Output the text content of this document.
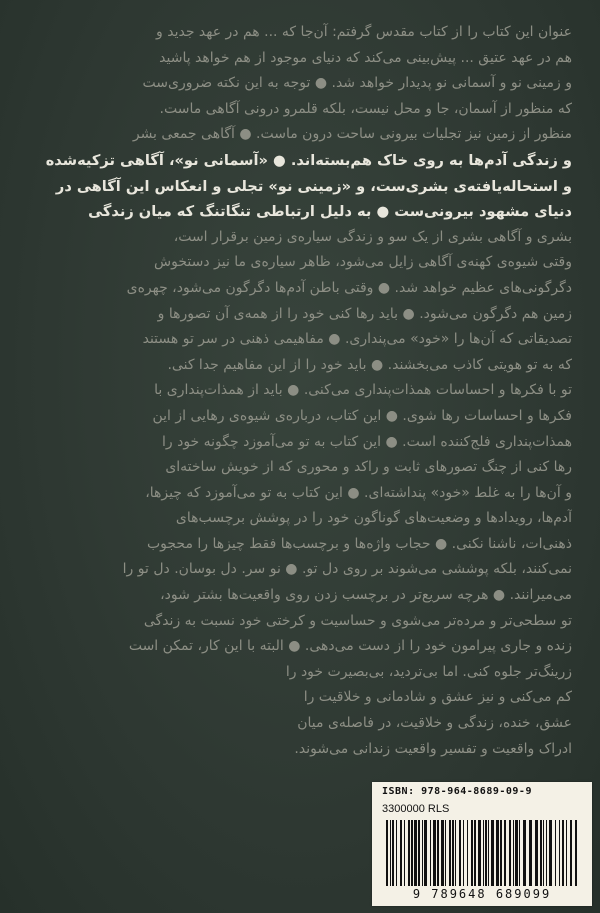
عنوان این کتاب را از کتاب مقدس گرفتم: آن‌جا که ... هم در عهد جدید و
هم در عهد عتیق ... پیش‌بینی می‌کند که دنیای موجود از هم خواهد پاشید
و زمینی نو و آسمانی نو پدیدار خواهد شد. ● توجه به این نکته ضروری‌ست
که منظور از آسمان، جا و محل نیست، بلکه قلمرو درونی آگاهی ماست.
منظور از زمین نیز تجلیات بیرونی ساحت درون ماست. ● آگاهی جمعی بشر
و زندگی آدم‌ها به روی خاک هم‌بسته‌اند. ● «آسمانی نو»، آگاهی تزکیه‌شده
و استحاله‌یافته‌ی بشری‌ست، و «زمینی نو» تجلی و انعکاس این آگاهی در
دنیای مشهود بیرونی‌ست ● به دلیل ارتباطی تنگاتنگ که میان زندگی
بشری و آگاهی بشری از یک سو و زندگی سیاره‌ی زمین برقرار است،
وقتی شیوه‌ی کهنه‌ی آگاهی زایل می‌شود، ظاهر سیاره‌ی ما نیز دستخوش
دگرگونی‌های عظیم خواهد شد. ● وقتی باطن آدم‌ها دگرگون می‌شود، چهره‌ی
زمین هم دگرگون می‌شود. ● باید رها کنی خود را از همه‌ی آن تصورها و
تصدیقاتی که آن‌ها را «خود» می‌پنداری. ● مفاهیمی ذهنی در سر تو هستند
که به تو هویتی کاذب می‌بخشند. ● باید خود را از این مفاهیم جدا کنی.
تو با فکرها و احساسات همذات‌پنداری می‌کنی. ● باید از همذات‌پنداری با
فکرها و احساسات رها شوی. ● این کتاب، درباره‌ی شیوه‌ی رهایی از این
همذات‌پنداری فلج‌کننده است. ● این کتاب به تو می‌آموزد چگونه خود را
رها کنی از چنگ تصورهای ثابت و راکد و محوری که از خویش ساخته‌ای
و آن‌ها را به غلط «خود» پنداشته‌ای. ● این کتاب به تو می‌آموزد که چیزها،
آدم‌ها، رویدادها و وضعیت‌های گوناگون خود را در پوشش برچسب‌های
ذهنی‌ات، ناشنا نکنی. ● حجاب واژه‌ها و برچسب‌ها فقط چیزها را محجوب
نمی‌کنند، بلکه پوششی می‌شوند بر روی دل تو. ● نو سر. دل بوسان. دل تو را
می‌میرانند. ● هرچه سریع‌تر در برچسب زدن روی واقعیت‌ها بشتر شود،
تو سطحی‌تر و مرده‌تر می‌شوی و حساسیت و کرختی خود نسبت به زندگی
زنده و جاری پیرامون خود را از دست می‌دهی. ● البته با این کار، تمکن است
زرینگ‌تر جلوه کنی. اما بی‌تردید، بی‌بصیرت خود را
کم می‌کنی و نیز عشق و شادمانی و خلاقیت را
عشق، خنده، زندگی و خلاقیت، در فاصله‌ی میان
ادراک واقعیت و تفسیر واقعیت زندانی می‌شوند.
ISBN: 978-964-8689-09-9
3300000 RLS
9 789648 689099
